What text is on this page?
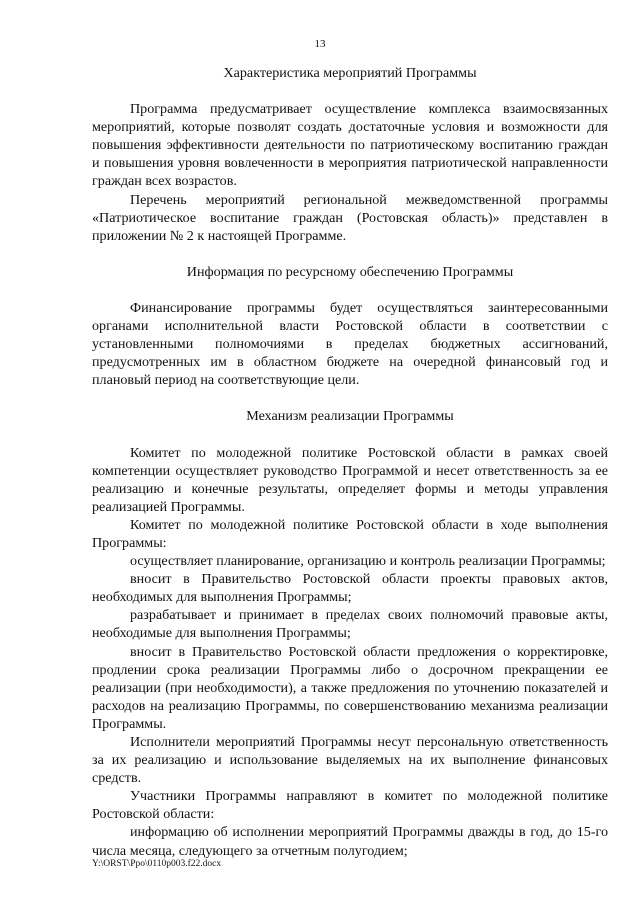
13
Характеристика мероприятий Программы

Программа предусматривает осуществление комплекса взаимосвязанных мероприятий, которые позволят создать достаточные условия и возможности для повышения эффективности деятельности по патриотическому воспитанию граждан и повышения уровня вовлеченности в мероприятия патриотической направленности граждан всех возрастов.

Перечень мероприятий региональной межведомственной программы «Патриотическое воспитание граждан (Ростовская область)» представлен в приложении № 2 к настоящей Программе.

Информация по ресурсному обеспечению Программы

Финансирование программы будет осуществляться заинтересованными органами исполнительной власти Ростовской области в соответствии с установленными полномочиями в пределах бюджетных ассигнований, предусмотренных им в областном бюджете на очередной финансовый год и плановый период на соответствующие цели.

Механизм реализации Программы

Комитет по молодежной политике Ростовской области в рамках своей компетенции осуществляет руководство Программой и несет ответственность за ее реализацию и конечные результаты, определяет формы и методы управления реализацией Программы.

Комитет по молодежной политике Ростовской области в ходе выполнения Программы:

осуществляет планирование, организацию и контроль реализации Программы;

вносит в Правительство Ростовской области проекты правовых актов, необходимых для выполнения Программы;

разрабатывает и принимает в пределах своих полномочий правовые акты, необходимые для выполнения Программы;

вносит в Правительство Ростовской области предложения о корректировке, продлении срока реализации Программы либо о досрочном прекращении ее реализации (при необходимости), а также предложения по уточнению показателей и расходов на реализацию Программы, по совершенствованию механизма реализации Программы.

Исполнители мероприятий Программы несут персональную ответственность за их реализацию и использование выделяемых на их выполнение финансовых средств.

Участники Программы направляют в комитет по молодежной политике Ростовской области:

информацию об исполнении мероприятий Программы дважды в год, до 15-го числа месяца, следующего за отчетным полугодием;

Y:\ORST\Ppo\0110p003.f22.docx
